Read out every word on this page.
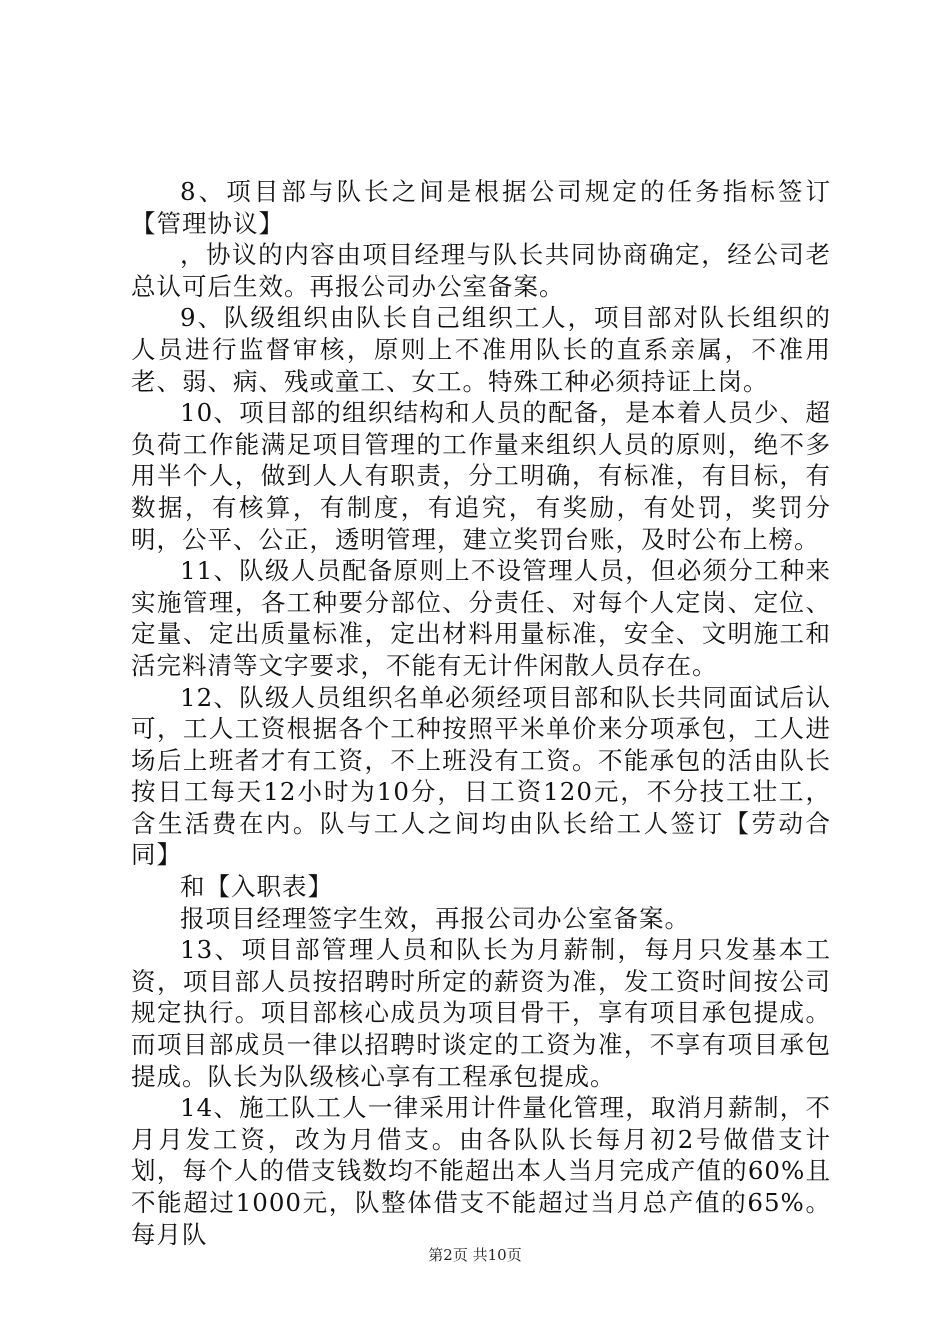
8、项目部与队长之间是根据公司规定的任务指标签订【管理协议】

，协议的内容由项目经理与队长共同协商确定，经公司老总认可后生效。再报公司办公室备案。

9、队级组织由队长自己组织工人，项目部对队长组织的人员进行监督审核，原则上不准用队长的直系亲属，不准用老、弱、病、残或童工、女工。特殊工种必须持证上岗。

10、项目部的组织结构和人员的配备，是本着人员少、超负荷工作能满足项目管理的工作量来组织人员的原则，绝不多用半个人，做到人人有职责，分工明确，有标准，有目标，有数据，有核算，有制度，有追究，有奖励，有处罚，奖罚分明，公平、公正，透明管理，建立奖罚台账，及时公布上榜。

11、队级人员配备原则上不设管理人员，但必须分工种来实施管理，各工种要分部位、分责任、对每个人定岗、定位、定量、定出质量标准，定出材料用量标准，安全、文明施工和活完料清等文字要求，不能有无计件闲散人员存在。

12、队级人员组织名单必须经项目部和队长共同面试后认可，工人工资根据各个工种按照平米单价来分项承包，工人进场后上班者才有工资，不上班没有工资。不能承包的活由队长按日工每天12小时为10分，日工资120元，不分技工壮工，含生活费在内。队与工人之间均由队长给工人签订【劳动合同】

和【入职表】

报项目经理签字生效，再报公司办公室备案。

13、项目部管理人员和队长为月薪制，每月只发基本工资，项目部人员按招聘时所定的薪资为准，发工资时间按公司规定执行。项目部核心成员为项目骨干，享有项目承包提成。而项目部成员一律以招聘时谈定的工资为准，不享有项目承包提成。队长为队级核心享有工程承包提成。

14、施工队工人一律采用计件量化管理，取消月薪制，不月月发工资，改为月借支。由各队队长每月初2号做借支计划，每个人的借支钱数均不能超出本人当月完成产值的60%且不能超过1000元，队整体借支不能超过当月总产值的65%。每月队

第2页 共10页
